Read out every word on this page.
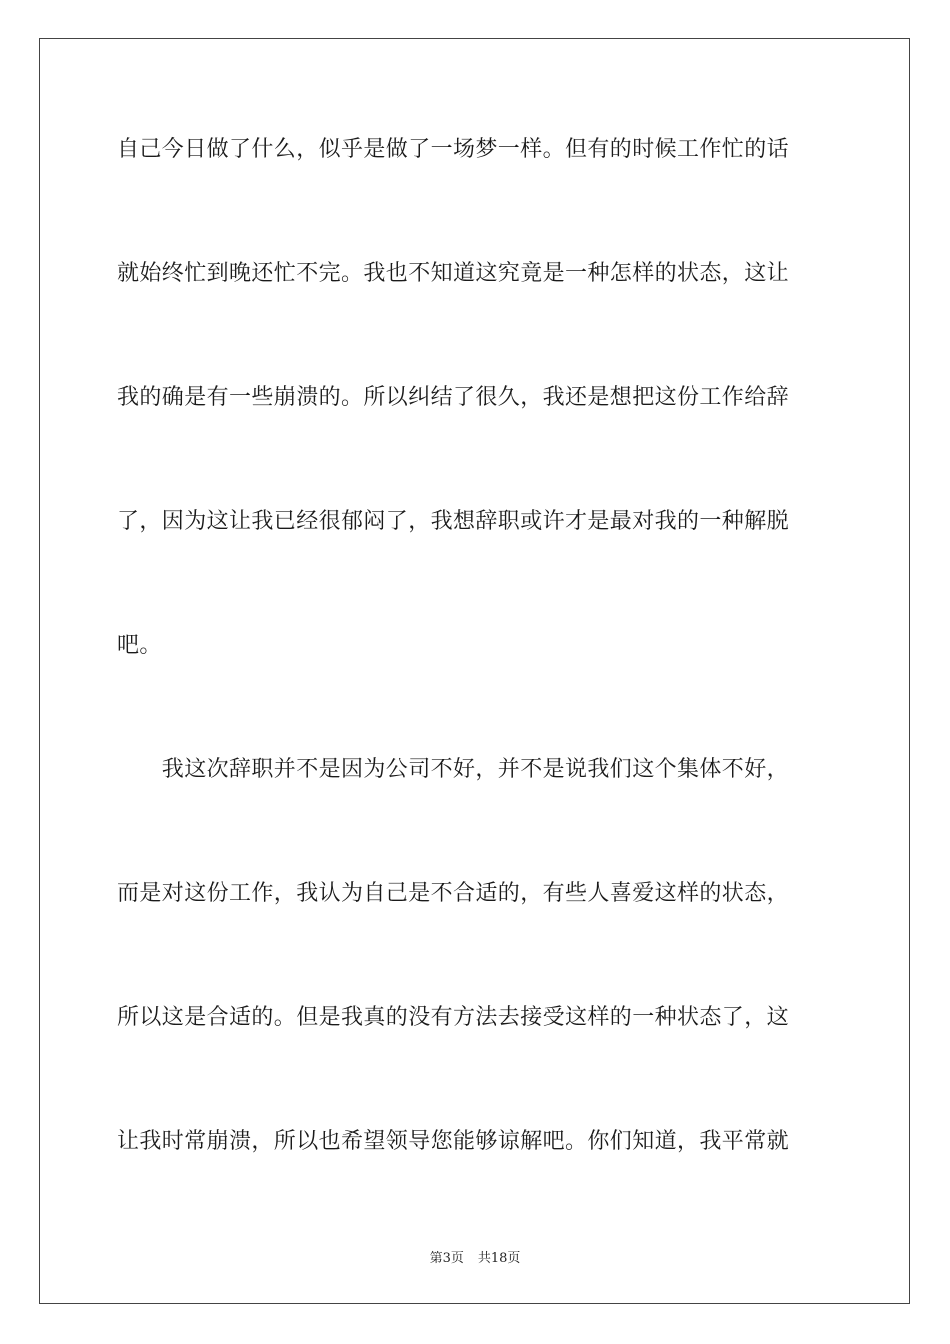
自己今日做了什么，似乎是做了一场梦一样。但有的时候工作忙的话
就始终忙到晚还忙不完。我也不知道这究竟是一种怎样的状态，这让
我的确是有一些崩溃的。所以纠结了很久，我还是想把这份工作给辞
了，因为这让我已经很郁闷了，我想辞职或许才是最对我的一种解脱
吧。
　　我这次辞职并不是因为公司不好，并不是说我们这个集体不好，
而是对这份工作，我认为自己是不合适的，有些人喜爱这样的状态，
所以这是合适的。但是我真的没有方法去接受这样的一种状态了，这
让我时常崩溃，所以也希望领导您能够谅解吧。你们知道，我平常就
第3页 共18页
